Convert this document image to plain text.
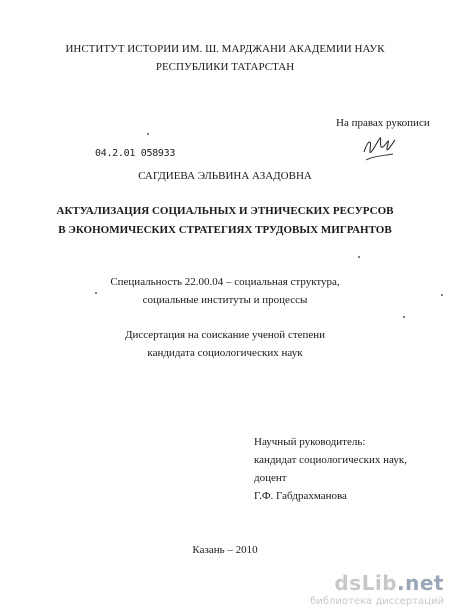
ИНСТИТУТ ИСТОРИИ ИМ. Ш. МАРДЖАНИ АКАДЕМИИ НАУК
РЕСПУБЛИКИ ТАТАРСТАН
На правах рукописи
04.2.01 058933
САГДИЕВА ЭЛЬВИНА АЗАДОВНА
АКТУАЛИЗАЦИЯ СОЦИАЛЬНЫХ И ЭТНИЧЕСКИХ РЕСУРСОВ
В ЭКОНОМИЧЕСКИХ СТРАТЕГИЯХ ТРУДОВЫХ МИГРАНТОВ
Специальность 22.00.04 – социальная структура,
социальные институты и процессы
Диссертация на соискание ученой степени
кандидата социологических наук
Научный руководитель:
кандидат социологических наук,
доцент
Г.Ф. Габдрахманова
Казань – 2010
dsLib.net
библиотека диссертаций
